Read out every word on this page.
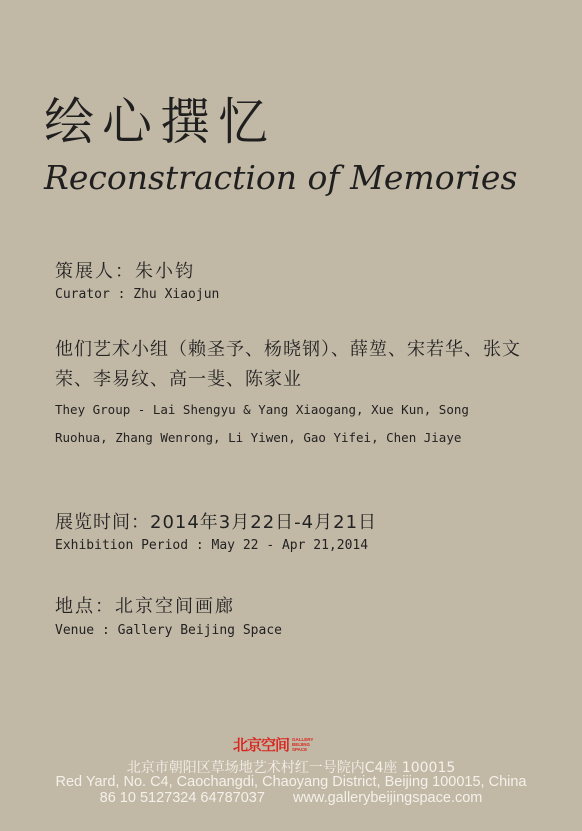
绘心撰忆
Reconstraction of Memories
策展人：朱小钧
Curator : Zhu Xiaojun
他们艺术小组（赖圣予、杨晓钢）、薛堃、宋若华、张文荣、李易纹、高一斐、陈家业
They Group - Lai Shengyu & Yang Xiaogang, Xue Kun, Song
Ruohua, Zhang Wenrong, Li Yiwen, Gao Yifei, Chen Jiaye
展览时间：2014年3月22日-4月21日
Exhibition Period : May 22 - Apr 21,2014
地点：北京空间画廊
Venue : Gallery Beijing Space
北京空间 GALLERY
BEIJING
SPACE
北京市朝阳区草场地艺术村红一号院内C4座 100015
Red Yard, No. C4, Caochangdi, Chaoyang District, Beijing 100015, China
86 10 5127324 64787037 www.gallerybeijingspace.com
